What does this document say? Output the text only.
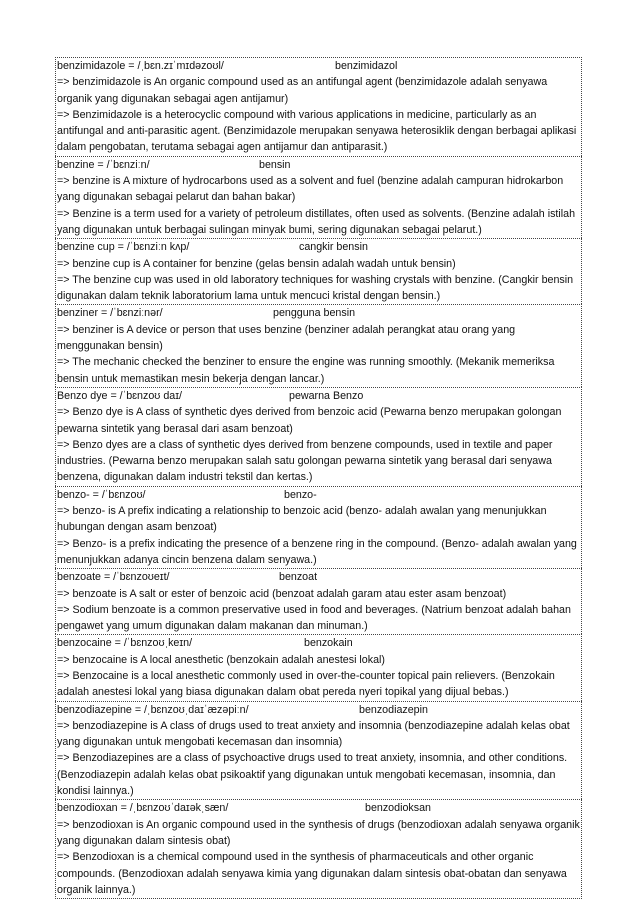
benzimidazole = /ˌbɛn.zɪˈmɪdəzoʊl/	benzimidazol
=> benzimidazole is An organic compound used as an antifungal agent (benzimidazole adalah senyawa organik yang digunakan sebagai agen antijamur)
=> Benzimidazole is a heterocyclic compound with various applications in medicine, particularly as an antifungal and anti-parasitic agent. (Benzimidazole merupakan senyawa heterosiklik dengan berbagai aplikasi dalam pengobatan, terutama sebagai agen antijamur dan antiparasit.)
benzine = /ˈbɛnziːn/	bensin
=> benzine is A mixture of hydrocarbons used as a solvent and fuel (benzine adalah campuran hidrokarbon yang digunakan sebagai pelarut dan bahan bakar)
=> Benzine is a term used for a variety of petroleum distillates, often used as solvents. (Benzine adalah istilah yang digunakan untuk berbagai sulingan minyak bumi, sering digunakan sebagai pelarut.)
benzine cup = /ˈbɛnziːn kʌp/	cangkir bensin
=> benzine cup is A container for benzine (gelas bensin adalah wadah untuk bensin)
=> The benzine cup was used in old laboratory techniques for washing crystals with benzine. (Cangkir bensin digunakan dalam teknik laboratorium lama untuk mencuci kristal dengan bensin.)
benziner = /ˈbɛnziːnər/	pengguna bensin
=> benziner is A device or person that uses benzine (benziner adalah perangkat atau orang yang menggunakan bensin)
=> The mechanic checked the benziner to ensure the engine was running smoothly. (Mekanik memeriksa bensin untuk memastikan mesin bekerja dengan lancar.)
Benzo dye = /ˈbɛnzoʊ daɪ/	pewarna Benzo
=> Benzo dye is A class of synthetic dyes derived from benzoic acid (Pewarna benzo merupakan golongan pewarna sintetik yang berasal dari asam benzoat)
=> Benzo dyes are a class of synthetic dyes derived from benzene compounds, used in textile and paper industries. (Pewarna benzo merupakan salah satu golongan pewarna sintetik yang berasal dari senyawa benzena, digunakan dalam industri tekstil dan kertas.)
benzo- = /ˈbɛnzoʊ/	benzo-
=> benzo- is A prefix indicating a relationship to benzoic acid (benzo- adalah awalan yang menunjukkan hubungan dengan asam benzoat)
=> Benzo- is a prefix indicating the presence of a benzene ring in the compound. (Benzo- adalah awalan yang menunjukkan adanya cincin benzena dalam senyawa.)
benzoate = /ˈbɛnzoʊeɪt/	benzoat
=> benzoate is A salt or ester of benzoic acid (benzoat adalah garam atau ester asam benzoat)
=> Sodium benzoate is a common preservative used in food and beverages. (Natrium benzoat adalah bahan pengawet yang umum digunakan dalam makanan dan minuman.)
benzocaine = /ˈbɛnzoʊˌkeɪn/	benzokain
=> benzocaine is A local anesthetic (benzokain adalah anestesi lokal)
=> Benzocaine is a local anesthetic commonly used in over-the-counter topical pain relievers. (Benzokain adalah anestesi lokal yang biasa digunakan dalam obat pereda nyeri topikal yang dijual bebas.)
benzodiazepine = /ˌbɛnzoʊˌdaɪˈæzəpiːn/	benzodiazepin
=> benzodiazepine is A class of drugs used to treat anxiety and insomnia (benzodiazepine adalah kelas obat yang digunakan untuk mengobati kecemasan dan insomnia)
=> Benzodiazepines are a class of psychoactive drugs used to treat anxiety, insomnia, and other conditions. (Benzodiazepin adalah kelas obat psikoaktif yang digunakan untuk mengobati kecemasan, insomnia, dan kondisi lainnya.)
benzodioxan = /ˌbɛnzoʊˈdaɪəkˌsæn/	benzodioksan
=> benzodioxan is An organic compound used in the synthesis of drugs (benzodioxan adalah senyawa organik yang digunakan dalam sintesis obat)
=> Benzodioxan is a chemical compound used in the synthesis of pharmaceuticals and other organic compounds. (Benzodioxan adalah senyawa kimia yang digunakan dalam sintesis obat-obatan dan senyawa organik lainnya.)
